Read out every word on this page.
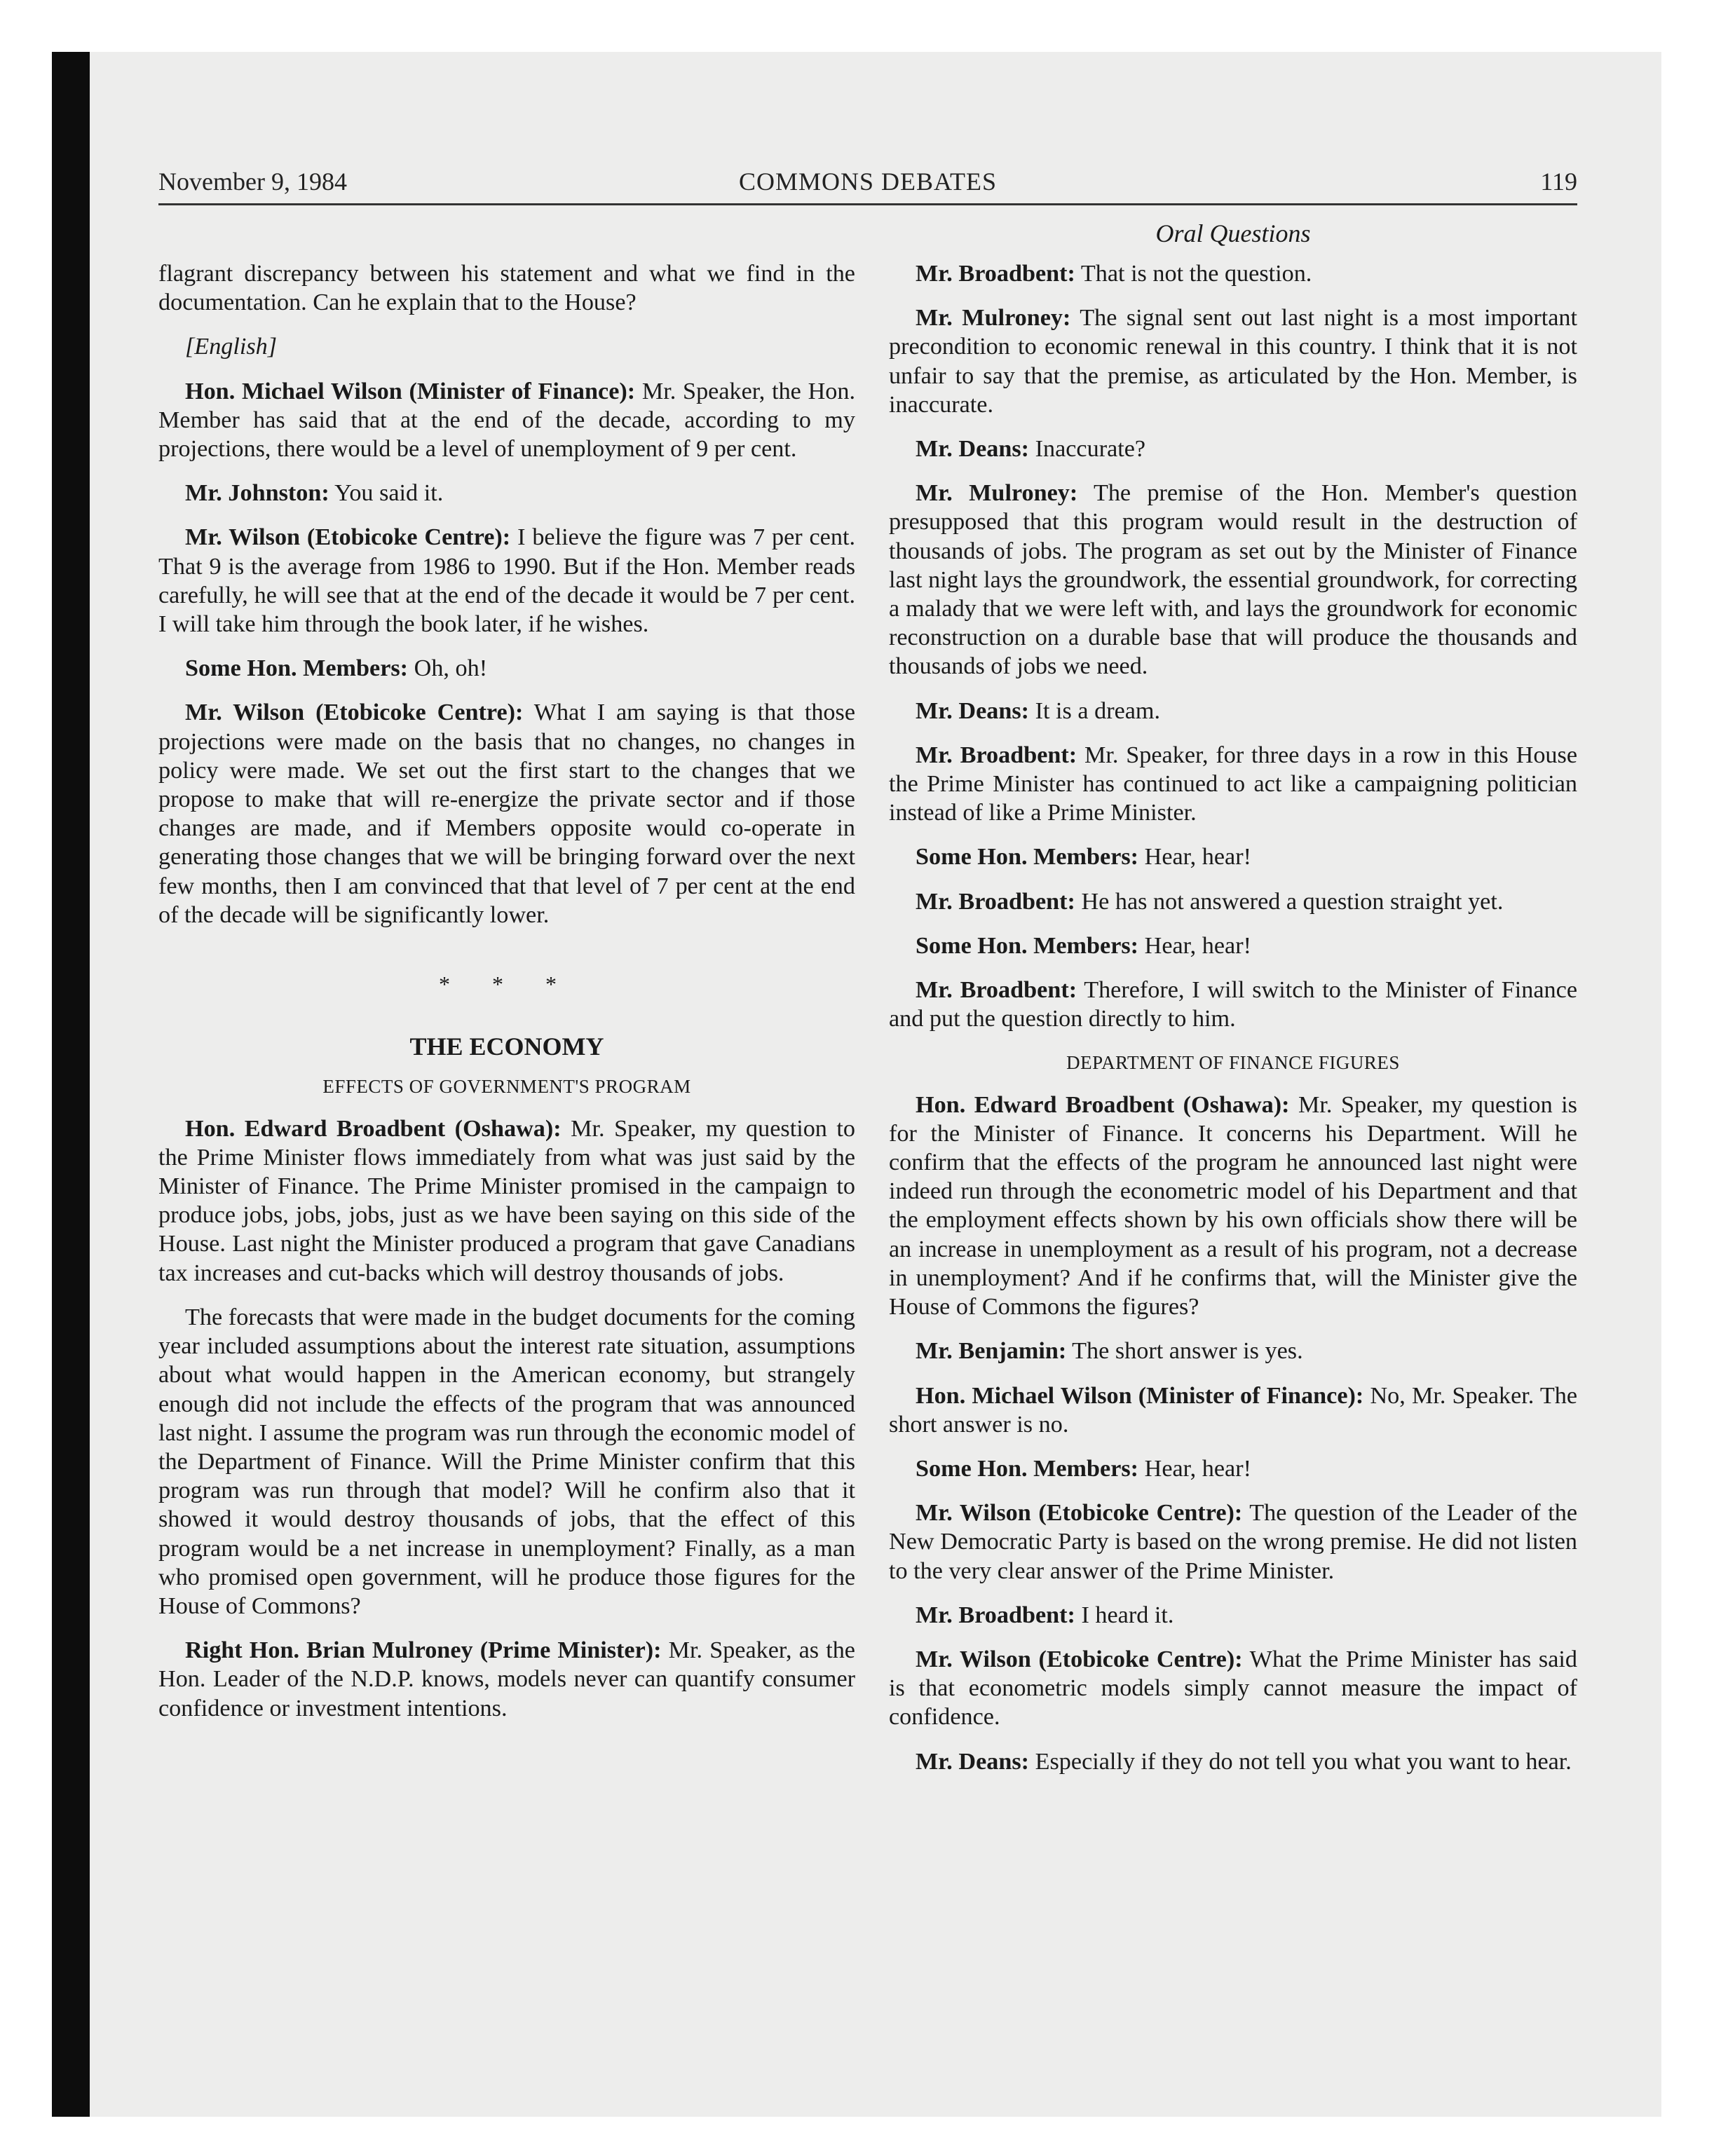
November 9, 1984	COMMONS DEBATES	119
Oral Questions

flagrant discrepancy between his statement and what we find in the documentation. Can he explain that to the House?

[English]

Hon. Michael Wilson (Minister of Finance): Mr. Speaker, the Hon. Member has said that at the end of the decade, according to my projections, there would be a level of unemployment of 9 per cent.

Mr. Johnston: You said it.

Mr. Wilson (Etobicoke Centre): I believe the figure was 7 per cent. That 9 is the average from 1986 to 1990. But if the Hon. Member reads carefully, he will see that at the end of the decade it would be 7 per cent. I will take him through the book later, if he wishes.

Some Hon. Members: Oh, oh!

Mr. Wilson (Etobicoke Centre): What I am saying is that those projections were made on the basis that no changes, no changes in policy were made. We set out the first start to the changes that we propose to make that will re-energize the private sector and if those changes are made, and if Members opposite would co-operate in generating those changes that we will be bringing forward over the next few months, then I am convinced that that level of 7 per cent at the end of the decade will be significantly lower.

* * *

THE ECONOMY

EFFECTS OF GOVERNMENT'S PROGRAM

Hon. Edward Broadbent (Oshawa): Mr. Speaker, my question to the Prime Minister flows immediately from what was just said by the Minister of Finance. The Prime Minister promised in the campaign to produce jobs, jobs, jobs, just as we have been saying on this side of the House. Last night the Minister produced a program that gave Canadians tax increases and cut-backs which will destroy thousands of jobs.

The forecasts that were made in the budget documents for the coming year included assumptions about the interest rate situation, assumptions about what would happen in the American economy, but strangely enough did not include the effects of the program that was announced last night. I assume the program was run through the economic model of the Department of Finance. Will the Prime Minister confirm that this program was run through that model? Will he confirm also that it showed it would destroy thousands of jobs, that the effect of this program would be a net increase in unemployment? Finally, as a man who promised open government, will he produce those figures for the House of Commons?

Right Hon. Brian Mulroney (Prime Minister): Mr. Speaker, as the Hon. Leader of the N.D.P. knows, models never can quantify consumer confidence or investment intentions.

Mr. Broadbent: That is not the question.

Mr. Mulroney: The signal sent out last night is a most important precondition to economic renewal in this country. I think that it is not unfair to say that the premise, as articulated by the Hon. Member, is inaccurate.

Mr. Deans: Inaccurate?

Mr. Mulroney: The premise of the Hon. Member's question presupposed that this program would result in the destruction of thousands of jobs. The program as set out by the Minister of Finance last night lays the groundwork, the essential groundwork, for correcting a malady that we were left with, and lays the groundwork for economic reconstruction on a durable base that will produce the thousands and thousands of jobs we need.

Mr. Deans: It is a dream.

Mr. Broadbent: Mr. Speaker, for three days in a row in this House the Prime Minister has continued to act like a campaigning politician instead of like a Prime Minister.

Some Hon. Members: Hear, hear!

Mr. Broadbent: He has not answered a question straight yet.

Some Hon. Members: Hear, hear!

Mr. Broadbent: Therefore, I will switch to the Minister of Finance and put the question directly to him.

DEPARTMENT OF FINANCE FIGURES

Hon. Edward Broadbent (Oshawa): Mr. Speaker, my question is for the Minister of Finance. It concerns his Department. Will he confirm that the effects of the program he announced last night were indeed run through the econometric model of his Department and that the employment effects shown by his own officials show there will be an increase in unemployment as a result of his program, not a decrease in unemployment? And if he confirms that, will the Minister give the House of Commons the figures?

Mr. Benjamin: The short answer is yes.

Hon. Michael Wilson (Minister of Finance): No, Mr. Speaker. The short answer is no.

Some Hon. Members: Hear, hear!

Mr. Wilson (Etobicoke Centre): The question of the Leader of the New Democratic Party is based on the wrong premise. He did not listen to the very clear answer of the Prime Minister.

Mr. Broadbent: I heard it.

Mr. Wilson (Etobicoke Centre): What the Prime Minister has said is that econometric models simply cannot measure the impact of confidence.

Mr. Deans: Especially if they do not tell you what you want to hear.
